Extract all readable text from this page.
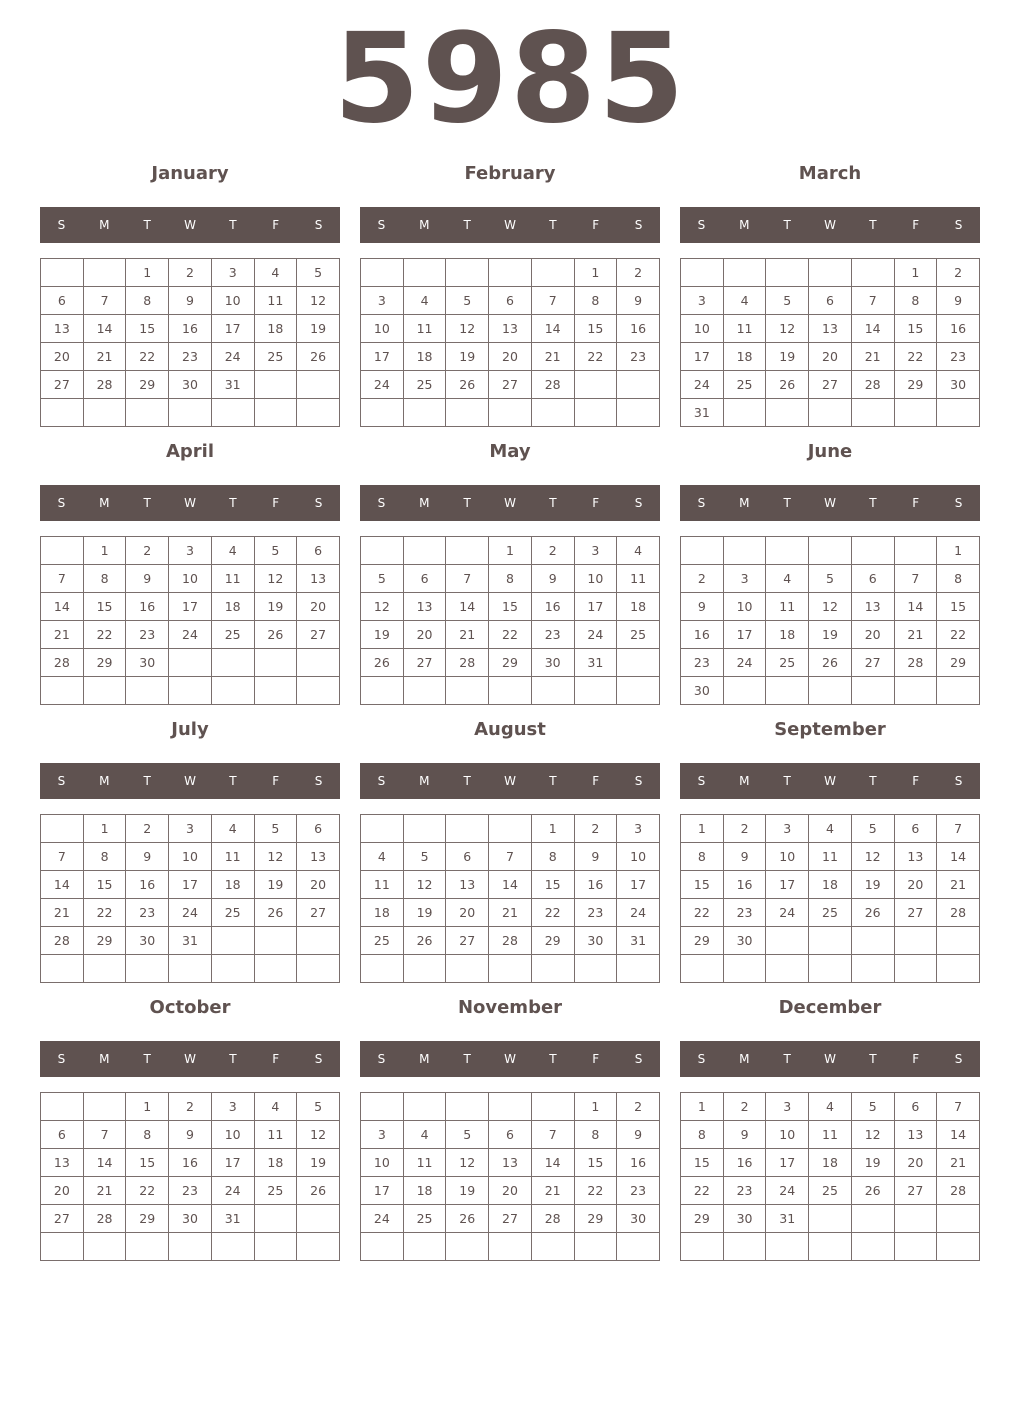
5985
January
S	M	T	W	T	F	S
		1	2	3	4	5
6	7	8	9	10	11	12
13	14	15	16	17	18	19
20	21	22	23	24	25	26
27	28	29	30	31		

February
S	M	T	W	T	F	S
					1	2
3	4	5	6	7	8	9
10	11	12	13	14	15	16
17	18	19	20	21	22	23
24	25	26	27	28		

March
S	M	T	W	T	F	S
					1	2
3	4	5	6	7	8	9
10	11	12	13	14	15	16
17	18	19	20	21	22	23
24	25	26	27	28	29	30
31						
April
S	M	T	W	T	F	S
	1	2	3	4	5	6
7	8	9	10	11	12	13
14	15	16	17	18	19	20
21	22	23	24	25	26	27
28	29	30				

May
S	M	T	W	T	F	S
			1	2	3	4
5	6	7	8	9	10	11
12	13	14	15	16	17	18
19	20	21	22	23	24	25
26	27	28	29	30	31	

June
S	M	T	W	T	F	S
						1
2	3	4	5	6	7	8
9	10	11	12	13	14	15
16	17	18	19	20	21	22
23	24	25	26	27	28	29
30						
July
S	M	T	W	T	F	S
	1	2	3	4	5	6
7	8	9	10	11	12	13
14	15	16	17	18	19	20
21	22	23	24	25	26	27
28	29	30	31			

August
S	M	T	W	T	F	S
				1	2	3
4	5	6	7	8	9	10
11	12	13	14	15	16	17
18	19	20	21	22	23	24
25	26	27	28	29	30	31

September
S	M	T	W	T	F	S
1	2	3	4	5	6	7
8	9	10	11	12	13	14
15	16	17	18	19	20	21
22	23	24	25	26	27	28
29	30					

October
S	M	T	W	T	F	S
		1	2	3	4	5
6	7	8	9	10	11	12
13	14	15	16	17	18	19
20	21	22	23	24	25	26
27	28	29	30	31		

November
S	M	T	W	T	F	S
					1	2
3	4	5	6	7	8	9
10	11	12	13	14	15	16
17	18	19	20	21	22	23
24	25	26	27	28	29	30

December
S	M	T	W	T	F	S
1	2	3	4	5	6	7
8	9	10	11	12	13	14
15	16	17	18	19	20	21
22	23	24	25	26	27	28
29	30	31				
